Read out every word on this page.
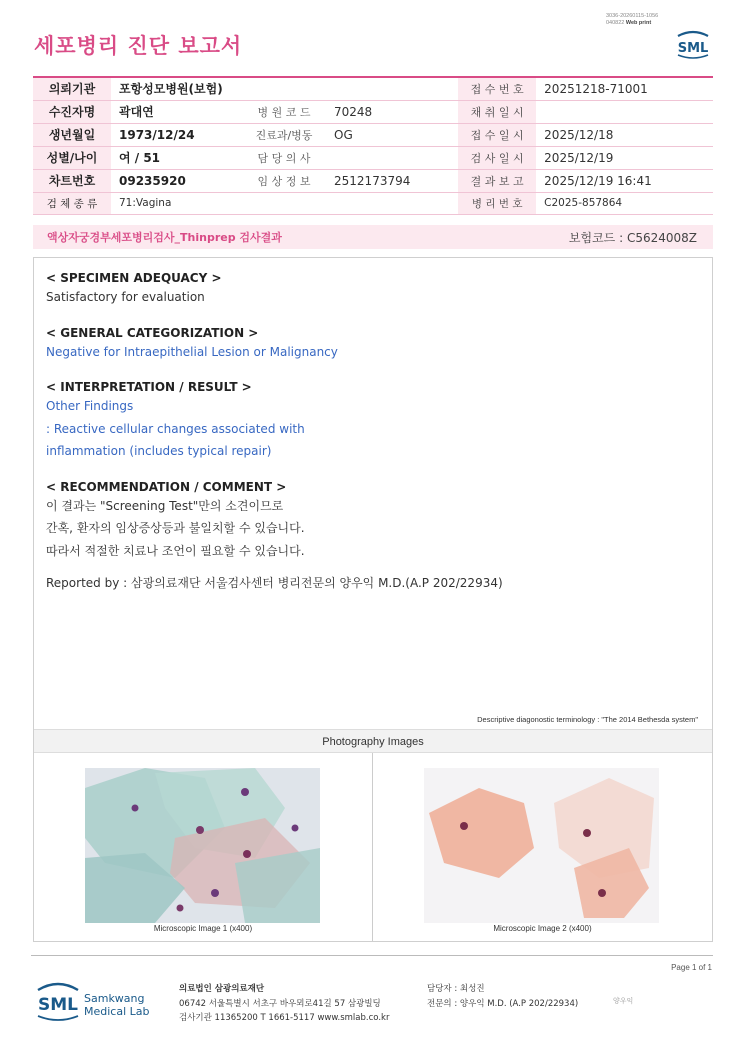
3036-20260115-1056
040822 Web print
세포병리 진단 보고서	SML
의뢰기관	포항성모병원(보험)			접 수 번 호	20251218-71001
수진자명	곽대연	병 원 코 드	70248	채 취 일 시	
생년월일	1973/12/24	진료과/병동	OG	접 수 일 시	2025/12/18
성별/나이	여 / 51	담 당 의 사		검 사 일 시	2025/12/19
차트번호	09235920	임 상 정 보	2512173794	결 과 보 고	2025/12/19 16:41
검 체 종 류	71:Vagina			병 리 번 호	C2025-857864
액상자궁경부세포병리검사_Thinprep 검사결과	보험코드 : C5624008Z
< SPECIMEN ADEQUACY >
Satisfactory for evaluation
< GENERAL CATEGORIZATION >
Negative for Intraepithelial Lesion or Malignancy
< INTERPRETATION / RESULT >
Other Findings
: Reactive cellular changes associated with
inflammation (includes typical repair)
< RECOMMENDATION / COMMENT >
이 결과는 "Screening Test"만의 소견이므로
간혹, 환자의 임상증상등과 불일치할 수 있습니다.
따라서 적절한 치료나 조언이 필요할 수 있습니다.
Reported by : 삼광의료재단 서울검사센터 병리전문의 양우익 M.D.(A.P 202/22934)
Descriptive diagonostic terminology : "The 2014 Bethesda system"
Photography Images
Microscopic Image 1 (x400)	Microscopic Image 2 (x400)
Page 1 of 1
SML Samkwang
Medical Lab
의료법인 삼광의료재단
06742 서울특별시 서초구 바우뫼로41길 57 삼광빌딩
검사기관 11365200 T 1661-5117 www.smlab.co.kr
담당자 : 최성진
전문의 : 양우익 M.D. (A.P 202/22934)	양우익
